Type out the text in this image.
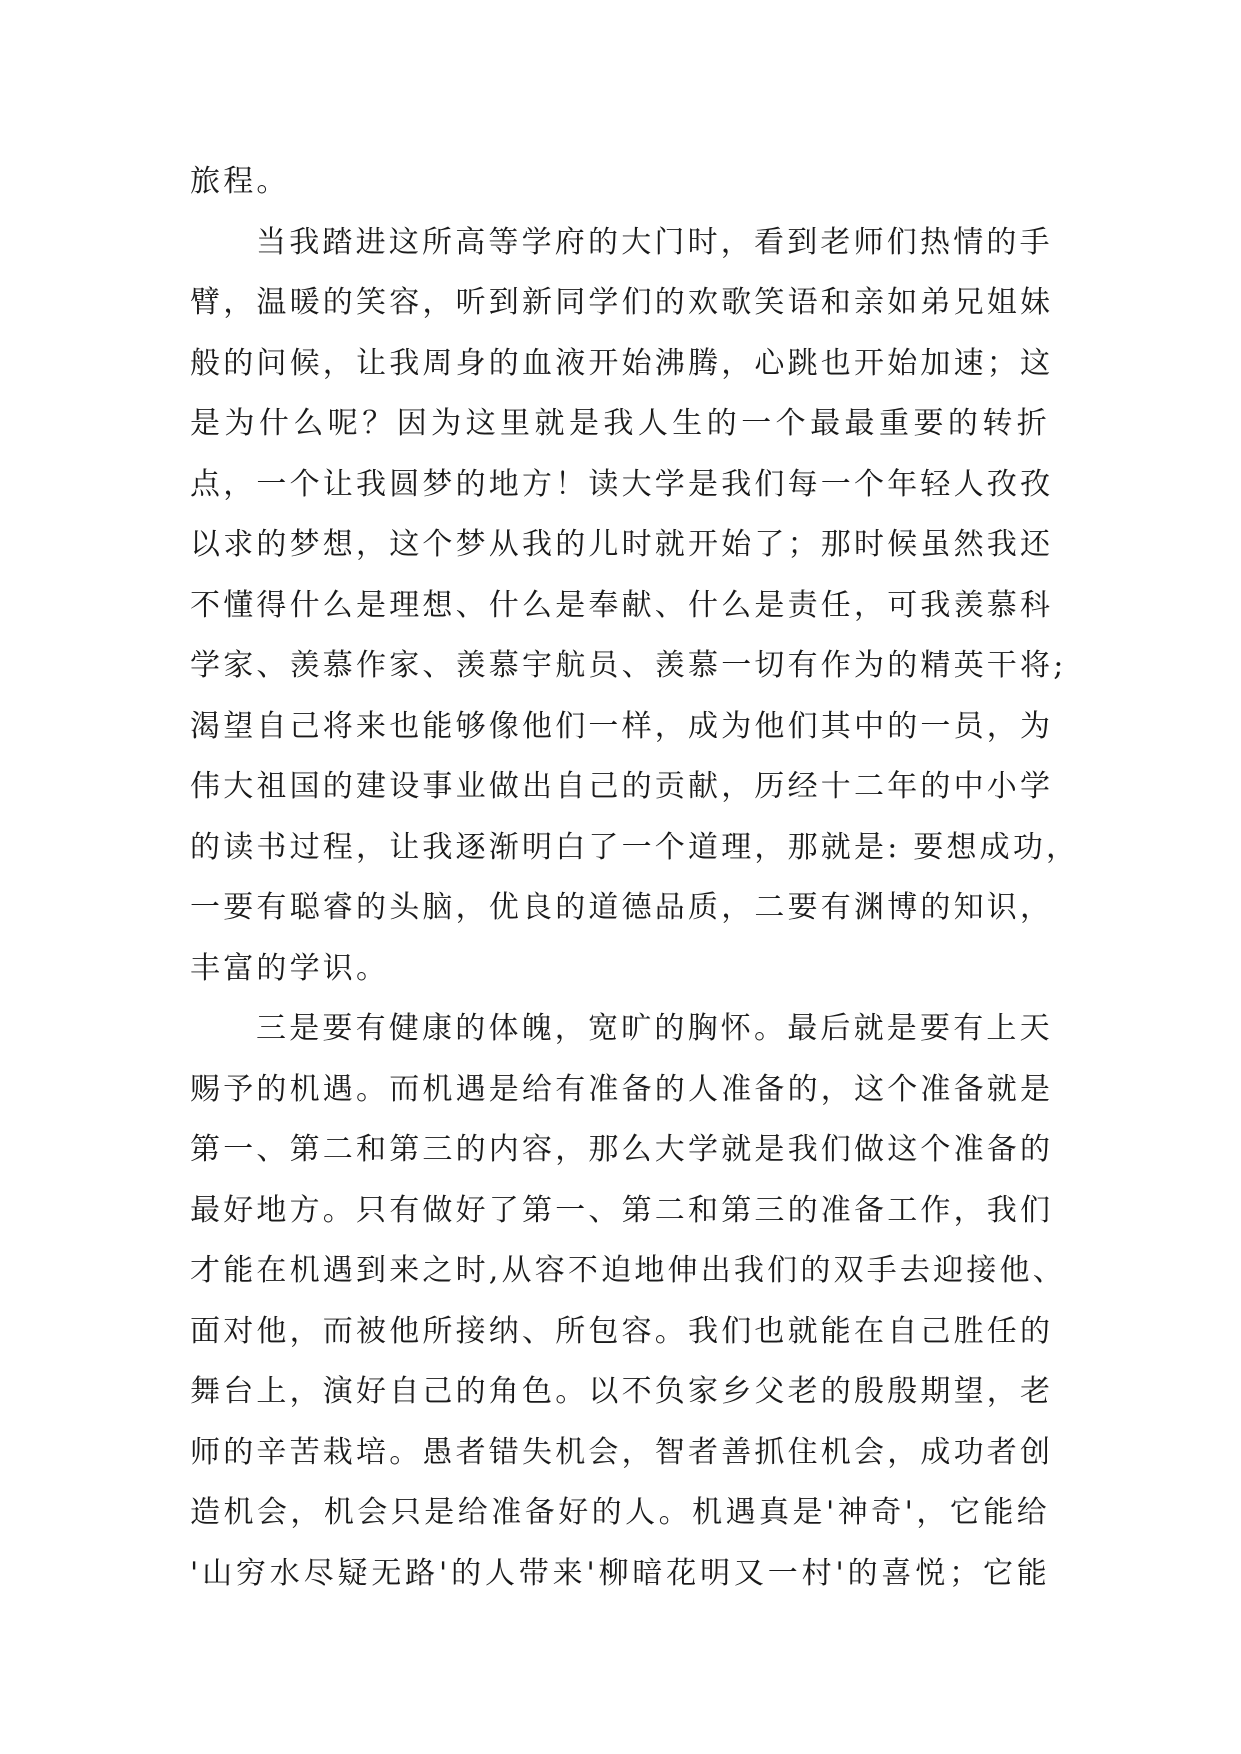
旅程。
当我踏进这所高等学府的大门时，看到老师们热情的手
臂，温暖的笑容，听到新同学们的欢歌笑语和亲如弟兄姐妹
般的问候，让我周身的血液开始沸腾，心跳也开始加速；这
是为什么呢？因为这里就是我人生的一个最最重要的转折
点，一个让我圆梦的地方！读大学是我们每一个年轻人孜孜
以求的梦想，这个梦从我的儿时就开始了；那时候虽然我还
不懂得什么是理想、什么是奉献、什么是责任，可我羡慕科
学家、羡慕作家、羡慕宇航员、羡慕一切有作为的精英干将;
渴望自己将来也能够像他们一样，成为他们其中的一员，为
伟大祖国的建设事业做出自己的贡献，历经十二年的中小学
的读书过程，让我逐渐明白了一个道理，那就是: 要想成功，
一要有聪睿的头脑，优良的道德品质，二要有渊博的知识，
丰富的学识。
三是要有健康的体魄，宽旷的胸怀。最后就是要有上天
赐予的机遇。而机遇是给有准备的人准备的，这个准备就是
第一、第二和第三的内容，那么大学就是我们做这个准备的
最好地方。只有做好了第一、第二和第三的准备工作，我们
才能在机遇到来之时,从容不迫地伸出我们的双手去迎接他、
面对他，而被他所接纳、所包容。我们也就能在自己胜任的
舞台上，演好自己的角色。以不负家乡父老的殷殷期望，老
师的辛苦栽培。愚者错失机会，智者善抓住机会，成功者创
造机会，机会只是给准备好的人。机遇真是'神奇'，它能给
'山穷水尽疑无路'的人带来'柳暗花明又一村'的喜悦；它能
